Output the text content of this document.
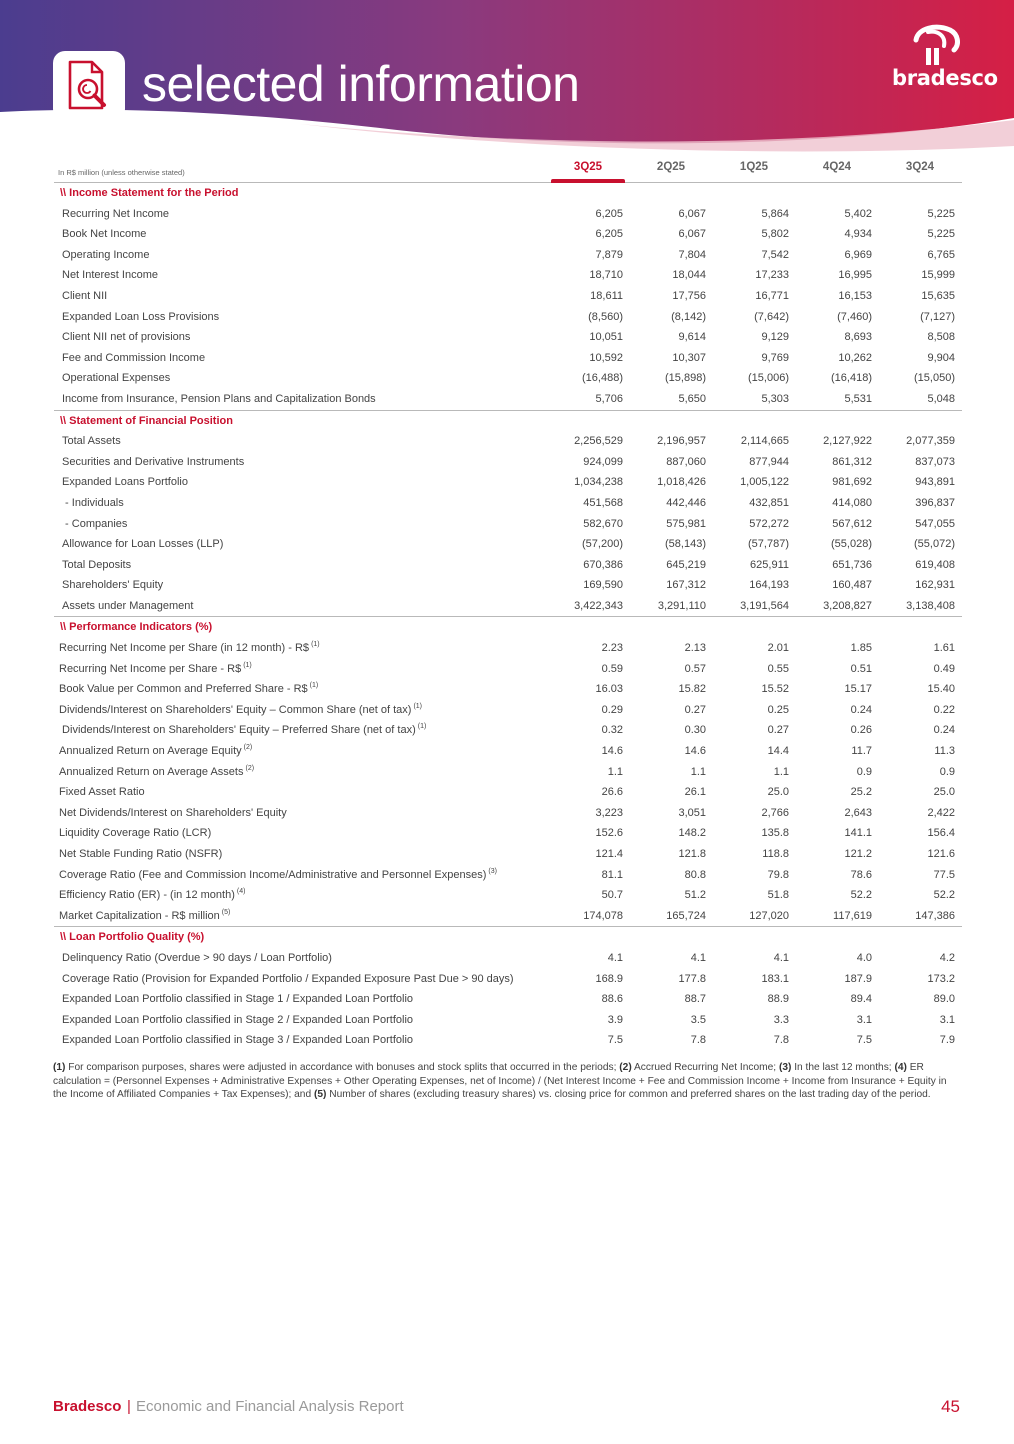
selected information	bradesco
In R$ million (unless otherwise stated)	3Q25	2Q25	1Q25	4Q24	3Q24
\\ Income Statement for the Period
Recurring Net Income	6,205	6,067	5,864	5,402	5,225
Book Net Income	6,205	6,067	5,802	4,934	5,225
Operating Income	7,879	7,804	7,542	6,969	6,765
Net Interest Income	18,710	18,044	17,233	16,995	15,999
Client NII	18,611	17,756	16,771	16,153	15,635
Expanded Loan Loss Provisions	(8,560)	(8,142)	(7,642)	(7,460)	(7,127)
Client NII net of provisions	10,051	9,614	9,129	8,693	8,508
Fee and Commission Income	10,592	10,307	9,769	10,262	9,904
Operational Expenses	(16,488)	(15,898)	(15,006)	(16,418)	(15,050)
Income from Insurance, Pension Plans and Capitalization Bonds	5,706	5,650	5,303	5,531	5,048
\\ Statement of Financial Position
Total Assets	2,256,529	2,196,957	2,114,665	2,127,922	2,077,359
Securities and Derivative Instruments	924,099	887,060	877,944	861,312	837,073
Expanded Loans Portfolio	1,034,238	1,018,426	1,005,122	981,692	943,891
- Individuals	451,568	442,446	432,851	414,080	396,837
- Companies	582,670	575,981	572,272	567,612	547,055
Allowance for Loan Losses (LLP)	(57,200)	(58,143)	(57,787)	(55,028)	(55,072)
Total Deposits	670,386	645,219	625,911	651,736	619,408
Shareholders' Equity	169,590	167,312	164,193	160,487	162,931
Assets under Management	3,422,343	3,291,110	3,191,564	3,208,827	3,138,408
\\ Performance Indicators (%)
Recurring Net Income per Share (in 12 month) - R$ $^{(1)}$	2.23	2.13	2.01	1.85	1.61
Recurring Net Income per Share - R$ $^{(1)}$	0.59	0.57	0.55	0.51	0.49
Book Value per Common and Preferred Share - R$ $^{(1)}$	16.03	15.82	15.52	15.17	15.40
Dividends/Interest on Shareholders' Equity – Common Share (net of tax) $^{(1)}$	0.29	0.27	0.25	0.24	0.22
Dividends/Interest on Shareholders' Equity – Preferred Share (net of tax) $^{(1)}$	0.32	0.30	0.27	0.26	0.24
Annualized Return on Average Equity $^{(2)}$	14.6	14.6	14.4	11.7	11.3
Annualized Return on Average Assets $^{(2)}$	1.1	1.1	1.1	0.9	0.9
Fixed Asset Ratio	26.6	26.1	25.0	25.2	25.0
Net Dividends/Interest on Shareholders' Equity	3,223	3,051	2,766	2,643	2,422
Liquidity Coverage Ratio (LCR)	152.6	148.2	135.8	141.1	156.4
Net Stable Funding Ratio (NSFR)	121.4	121.8	118.8	121.2	121.6
Coverage Ratio (Fee and Commission Income/Administrative and Personnel Expenses) $^{(3)}$	81.1	80.8	79.8	78.6	77.5
Efficiency Ratio (ER) - (in 12 month) $^{(4)}$	50.7	51.2	51.8	52.2	52.2
Market Capitalization - R$ million $^{(5)}$	174,078	165,724	127,020	117,619	147,386
\\ Loan Portfolio Quality (%)
Delinquency Ratio (Overdue > 90 days / Loan Portfolio)	4.1	4.1	4.1	4.0	4.2
Coverage Ratio (Provision for Expanded Portfolio / Expanded Exposure Past Due > 90 days)	168.9	177.8	183.1	187.9	173.2
Expanded Loan Portfolio classified in Stage 1 / Expanded Loan Portfolio	88.6	88.7	88.9	89.4	89.0
Expanded Loan Portfolio classified in Stage 2 / Expanded Loan Portfolio	3.9	3.5	3.3	3.1	3.1
Expanded Loan Portfolio classified in Stage 3 / Expanded Loan Portfolio	7.5	7.8	7.8	7.5	7.9
(1) For comparison purposes, shares were adjusted in accordance with bonuses and stock splits that occurred in the periods; (2) Accrued Recurring Net Income; (3) In the last 12 months; (4) ER calculation = (Personnel Expenses + Administrative Expenses + Other Operating Expenses, net of Income) / (Net Interest Income + Fee and Commission Income + Income from Insurance + Equity in the Income of Affiliated Companies + Tax Expenses); and (5) Number of shares (excluding treasury shares) vs. closing price for common and preferred shares on the last trading day of the period.
Bradesco | Economic and Financial Analysis Report	45
